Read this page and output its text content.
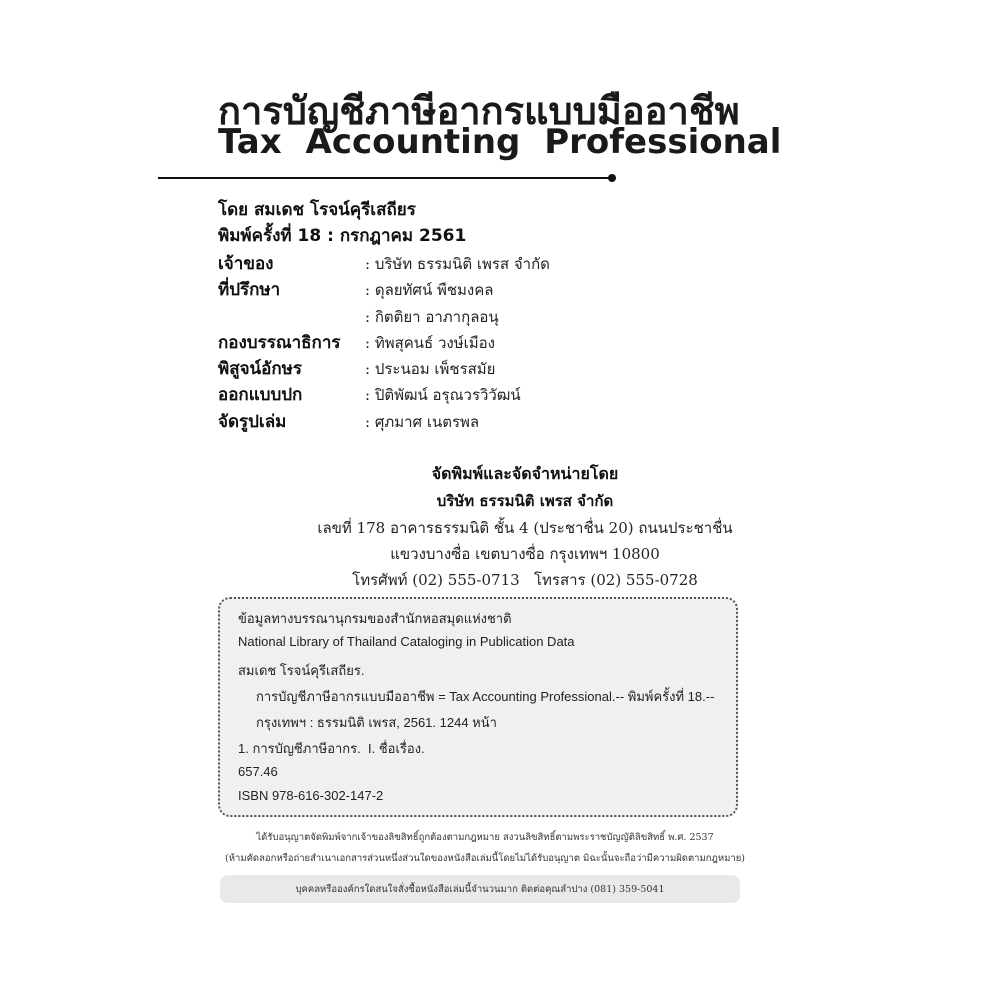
การบัญชีภาษีอากรแบบมืออาชีพ
Tax Accounting Professional
โดย สมเดช โรจน์คุรีเสถียร
พิมพ์ครั้งที่ 18 : กรกฎาคม 2561
เจ้าของ	: บริษัท ธรรมนิติ เพรส จำกัด
ที่ปรึกษา	: ดุลยทัศน์ พืชมงคล
: กิตติยา อาภากุลอนุ
กองบรรณาธิการ : ทิพสุคนธ์ วงษ์เมือง
พิสูจน์อักษร	: ประนอม เพ็ชรสมัย
ออกแบบปก	: ปิติพัฒน์ อรุณวรวิวัฒน์
จัดรูปเล่ม	: ศุภมาศ เนตรพล
จัดพิมพ์และจัดจำหน่ายโดย
บริษัท ธรรมนิติ เพรส จำกัด
เลขที่ 178 อาคารธรรมนิติ ชั้น 4 (ประชาชื่น 20) ถนนประชาชื่น
แขวงบางซื่อ เขตบางซื่อ กรุงเทพฯ 10800
โทรศัพท์ (02) 555-0713   โทรสาร (02) 555-0728
ข้อมูลทางบรรณานุกรมของสำนักหอสมุดแห่งชาติ
National Library of Thailand Cataloging in Publication Data
สมเดช โรจน์คุรีเสถียร.
การบัญชีภาษีอากรแบบมืออาชีพ = Tax Accounting Professional.-- พิมพ์ครั้งที่ 18.--
กรุงเทพฯ : ธรรมนิติ เพรส, 2561. 1244 หน้า
1. การบัญชีภาษีอากร.  I. ชื่อเรื่อง.
657.46
ISBN 978-616-302-147-2
ได้รับอนุญาตจัดพิมพ์จากเจ้าของลิขสิทธิ์ถูกต้องตามกฎหมาย สงวนลิขสิทธิ์ตามพระราชบัญญัติลิขสิทธิ์ พ.ศ. 2537
(ห้ามคัดลอกหรือถ่ายสำเนาเอกสารส่วนหนึ่งส่วนใดของหนังสือเล่มนี้โดยไม่ได้รับอนุญาต มิฉะนั้นจะถือว่ามีความผิดตามกฎหมาย)
บุคคลหรือองค์กรใดสนใจสั่งซื้อหนังสือเล่มนี้จำนวนมาก ติดต่อคุณลำปาง (081) 359-5041
